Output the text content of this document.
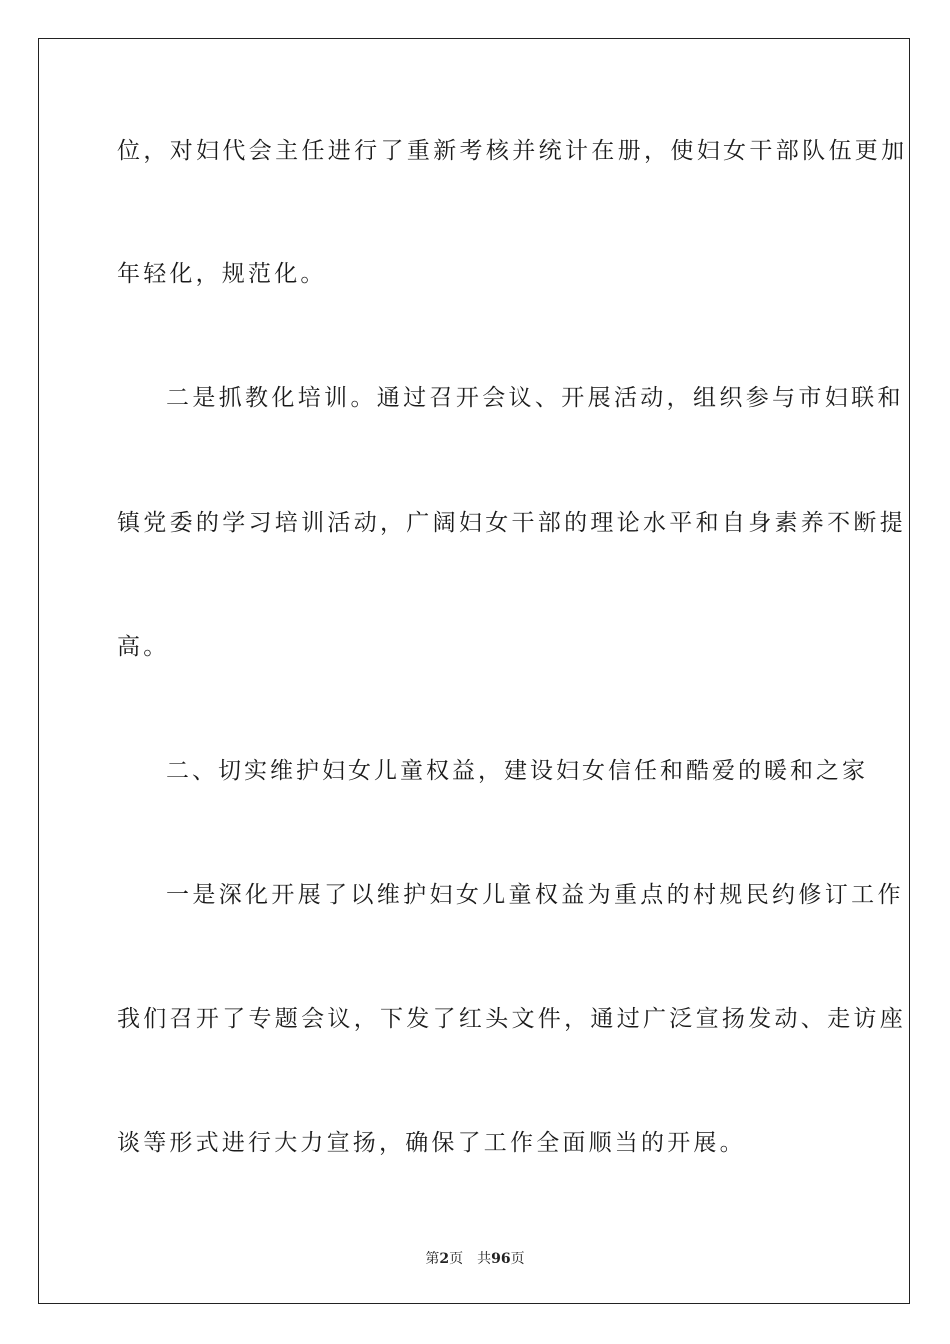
位，对妇代会主任进行了重新考核并统计在册，使妇女干部队伍更加
年轻化，规范化。
二是抓教化培训。通过召开会议、开展活动，组织参与市妇联和
镇党委的学习培训活动，广阔妇女干部的理论水平和自身素养不断提
高。
二、切实维护妇女儿童权益，建设妇女信任和酷爱的暖和之家
一是深化开展了以维护妇女儿童权益为重点的村规民约修订工作
我们召开了专题会议，下发了红头文件，通过广泛宣扬发动、走访座
谈等形式进行大力宣扬，确保了工作全面顺当的开展。
第2页 共96页
